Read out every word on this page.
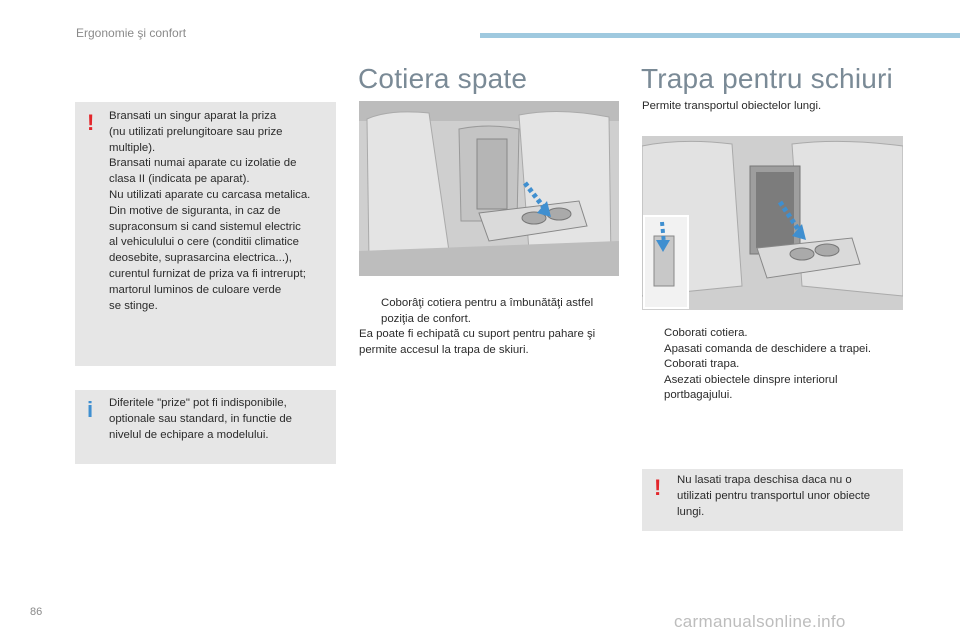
Ergonomie şi confort
! Bransati un singur aparat la priza
(nu utilizati prelungitoare sau prize
multiple).
Bransati numai aparate cu izolatie de
clasa II (indicata pe aparat).
Nu utilizati aparate cu carcasa metalica.
Din motive de siguranta, in caz de
supraconsum si cand sistemul electric
al vehiculului o cere (conditii climatice
deosebite, suprasarcina electrica...),
curentul furnizat de priza va fi intrerupt;
martorul luminos de culoare verde
se stinge.
i Diferitele "prize" pot fi indisponibile,
optionale sau standard, in functie de
nivelul de echipare a modelului.
Cotiera spate
Coborâţi cotiera pentru a îmbunătăţi astfel
poziţia de confort.
Ea poate fi echipată cu suport pentru pahare şi
permite accesul la trapa de skiuri.
Trapa pentru schiuri
Permite transportul obiectelor lungi.
Coborati cotiera.
Apasati comanda de deschidere a trapei.
Coborati trapa.
Asezati obiectele dinspre interiorul
portbagajului.
! Nu lasati trapa deschisa daca nu o
utilizati pentru transportul unor obiecte
lungi.
86	carmanualsonline.info
